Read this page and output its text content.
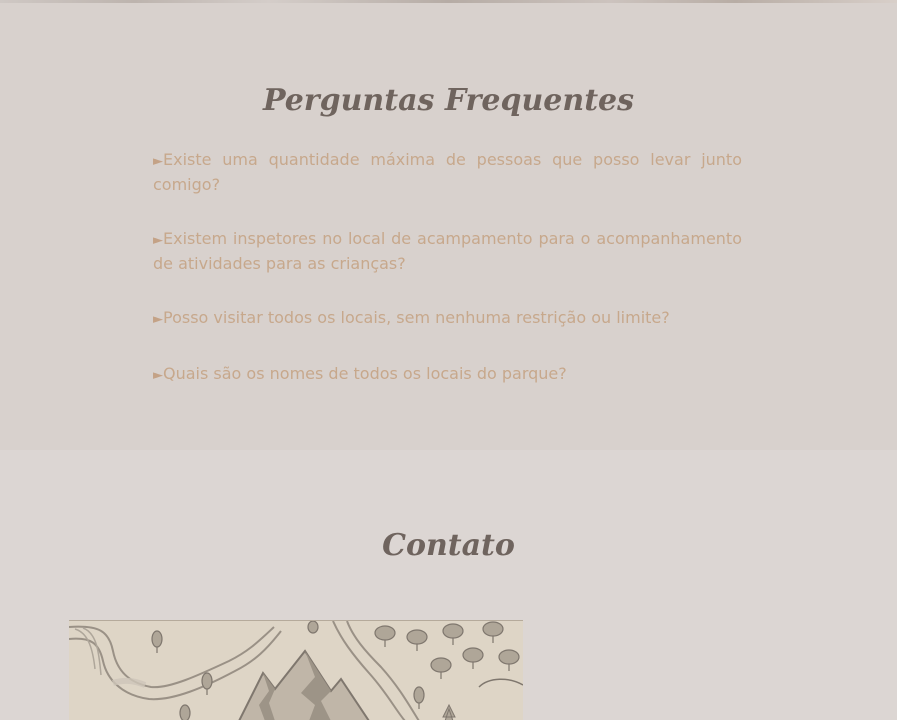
Perguntas Frequentes
►Existe uma quantidade máxima de pessoas que posso levar junto comigo?
►Existem inspetores no local de acampamento para o acompanhamento de atividades para as crianças?
►Posso visitar todos os locais, sem nenhuma restrição ou limite?
►Quais são os nomes de todos os locais do parque?
Contato
